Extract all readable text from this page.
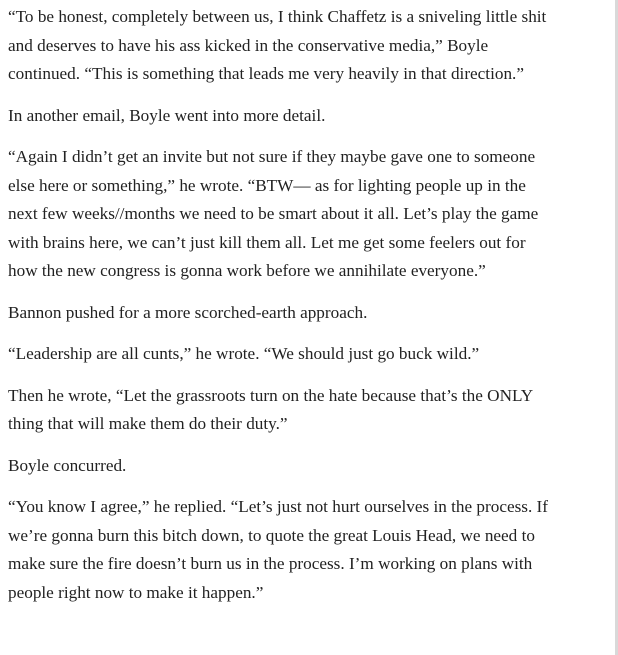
“To be honest, completely between us, I think Chaffetz is a sniveling little shit
and deserves to have his ass kicked in the conservative media,” Boyle
continued. “This is something that leads me very heavily in that direction.”

In another email, Boyle went into more detail.

“Again I didn’t get an invite but not sure if they maybe gave one to someone
else here or something,” he wrote. “BTW— as for lighting people up in the
next few weeks//months we need to be smart about it all. Let’s play the game
with brains here, we can’t just kill them all. Let me get some feelers out for
how the new congress is gonna work before we annihilate everyone.”

Bannon pushed for a more scorched-earth approach.

“Leadership are all cunts,” he wrote. “We should just go buck wild.”

Then he wrote, “Let the grassroots turn on the hate because that’s the ONLY
thing that will make them do their duty.”

Boyle concurred.

“You know I agree,” he replied. “Let’s just not hurt ourselves in the process. If
we’re gonna burn this bitch down, to quote the great Louis Head, we need to
make sure the fire doesn’t burn us in the process. I’m working on plans with
people right now to make it happen.”
